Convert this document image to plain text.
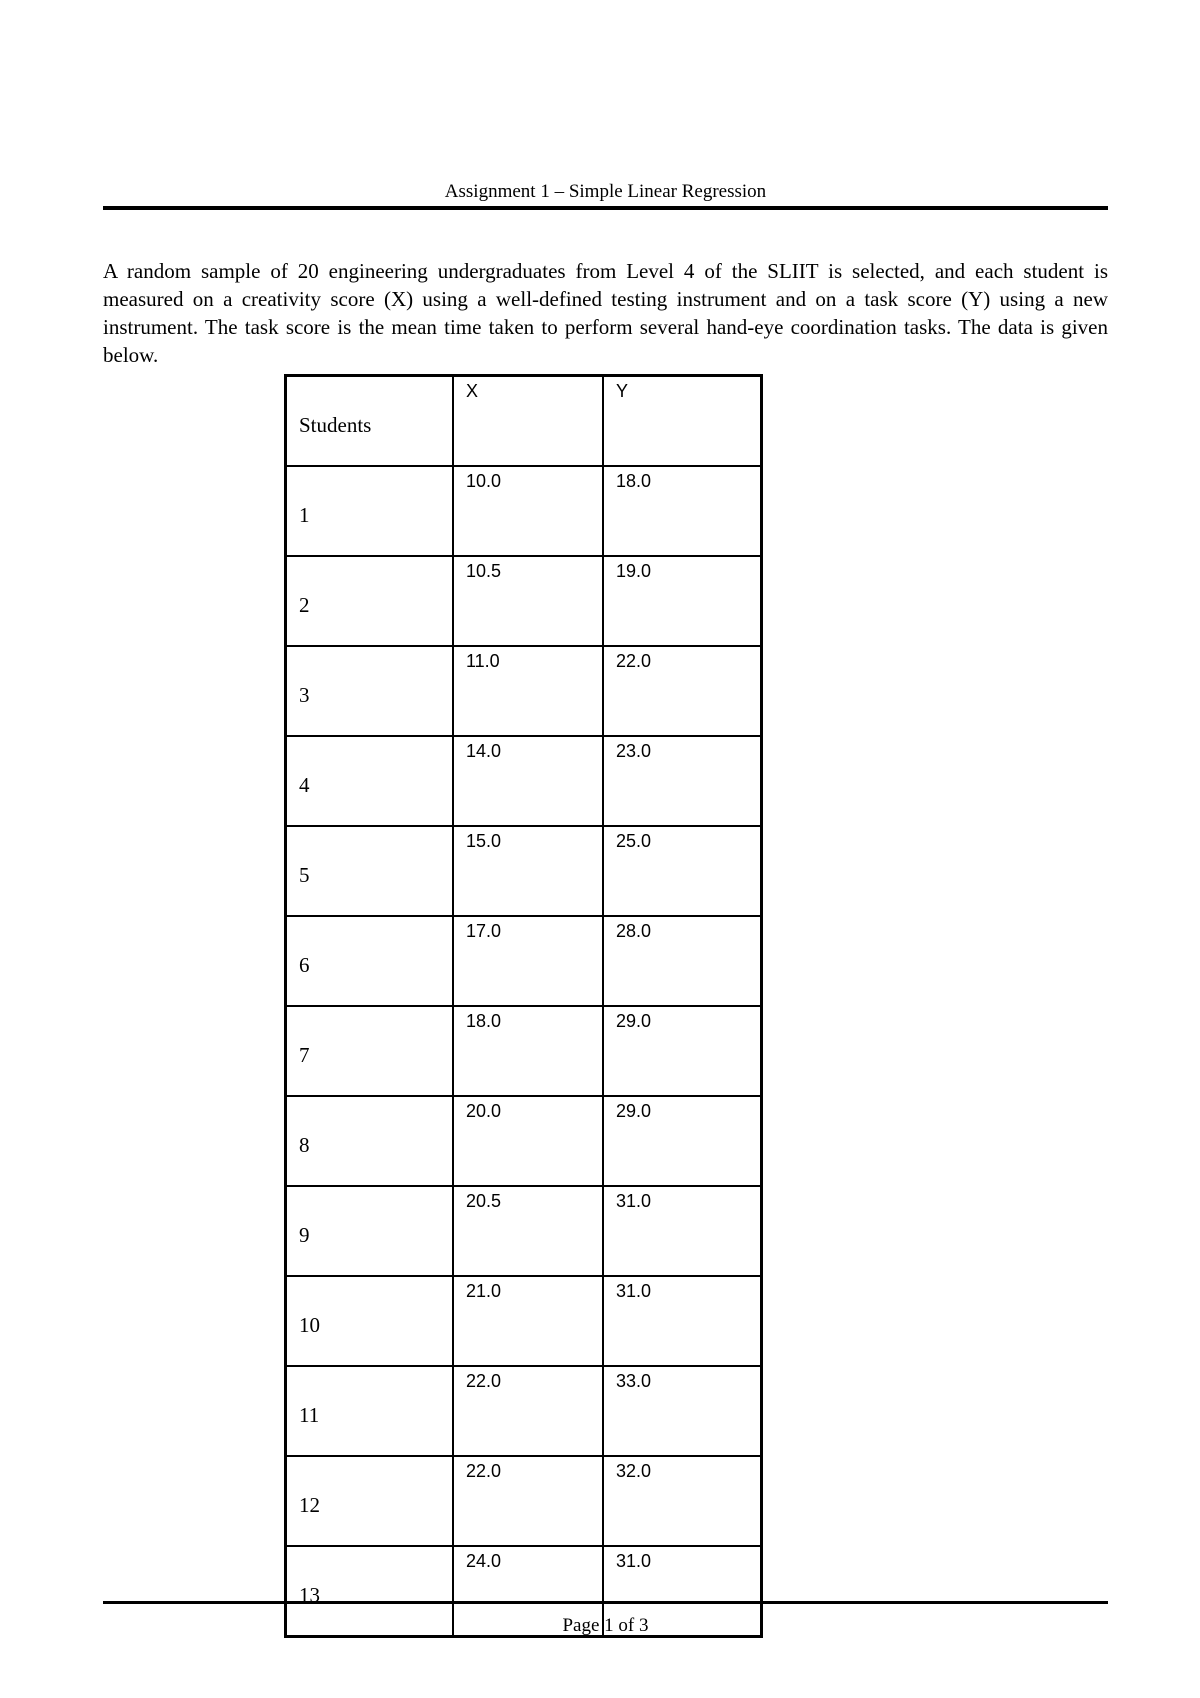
Assignment 1 – Simple Linear Regression

A random sample of 20 engineering undergraduates from Level 4 of the SLIIT is selected, and each student is measured on a creativity score (X) using a well-defined testing instrument and on a task score (Y) using a new instrument. The task score is the mean time taken to perform several hand-eye coordination tasks. The data is given below.

Students	X	Y
1	10.0	18.0
2	10.5	19.0
3	11.0	22.0
4	14.0	23.0
5	15.0	25.0
6	17.0	28.0
7	18.0	29.0
8	20.0	29.0
9	20.5	31.0
10	21.0	31.0
11	22.0	33.0
12	22.0	32.0
13	24.0	31.0
Page 1 of 3
